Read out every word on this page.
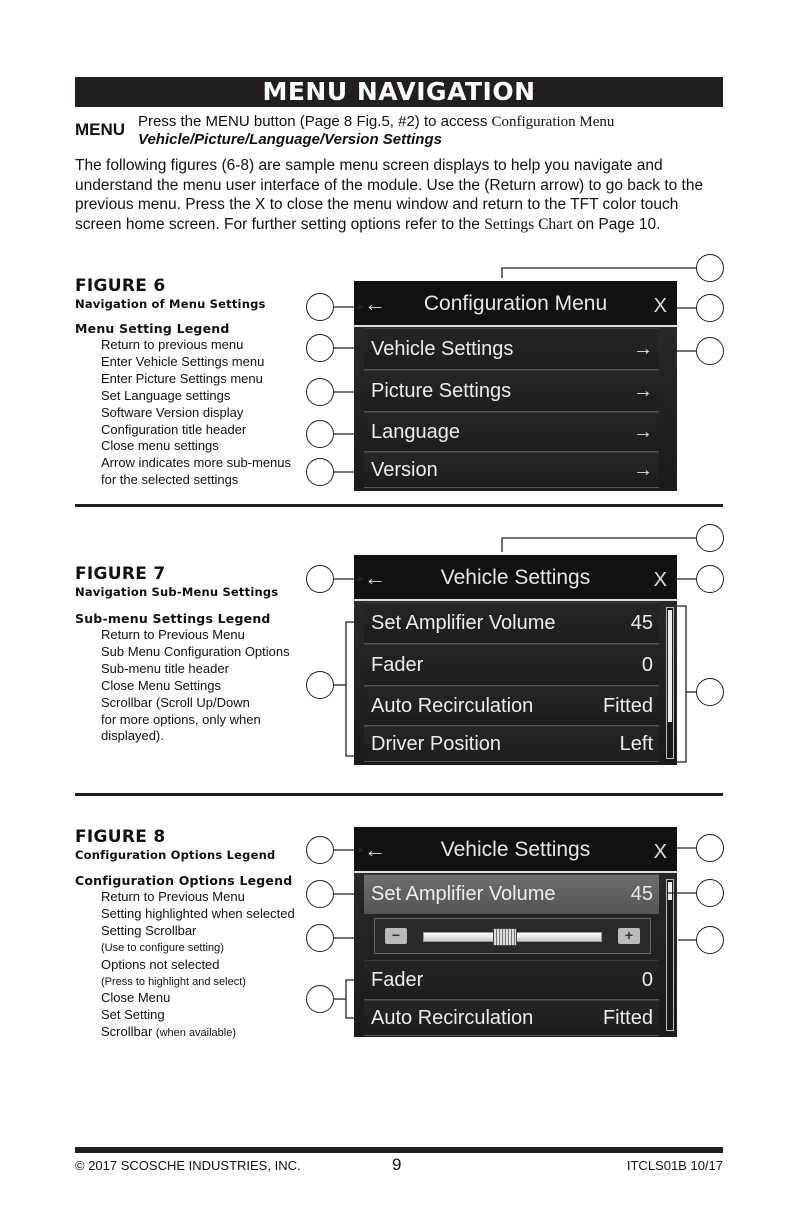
MENU NAVIGATION
MENU Press the MENU button (Page 8 Fig.5, #2) to access Configuration Menu
Vehicle/Picture/Language/Version Settings
The following figures (6-8) are sample menu screen displays to help you navigate and understand the menu user interface of the module. Use the (Return arrow) to go back to the previous menu. Press the X to close the menu window and return to the TFT color touch screen home screen. For further setting options refer to the Settings Chart on Page 10.
FIGURE 6
Navigation of Menu Settings
Menu Setting Legend
Return to previous menu
Enter Vehicle Settings menu
Enter Picture Settings menu
Set Language settings
Software Version display
Configuration title header
Close menu settings
Arrow indicates more sub-menus
for the selected settings
←	Configuration Menu	X
Vehicle Settings	→
Picture Settings	→
Language	→
Version	→
FIGURE 7
Navigation Sub-Menu Settings
Sub-menu Settings Legend
Return to Previous Menu
Sub Menu Configuration Options
Sub-menu title header
Close Menu Settings
Scrollbar (Scroll Up/Down
for more options, only when
displayed).
←	Vehicle Settings	X
Set Amplifier Volume	45
Fader	0
Auto Recirculation	Fitted
Driver Position	Left
FIGURE 8
Configuration Options Legend
Configuration Options Legend
Return to Previous Menu
Setting highlighted when selected
Setting Scrollbar
(Use to configure setting)
Options not selected
(Press to highlight and select)
Close Menu
Set Setting
Scrollbar (when available)
←	Vehicle Settings	X
Set Amplifier Volume	45
−	+
Fader	0
Auto Recirculation	Fitted
© 2017 SCOSCHE INDUSTRIES, INC.	9	ITCLS01B 10/17
